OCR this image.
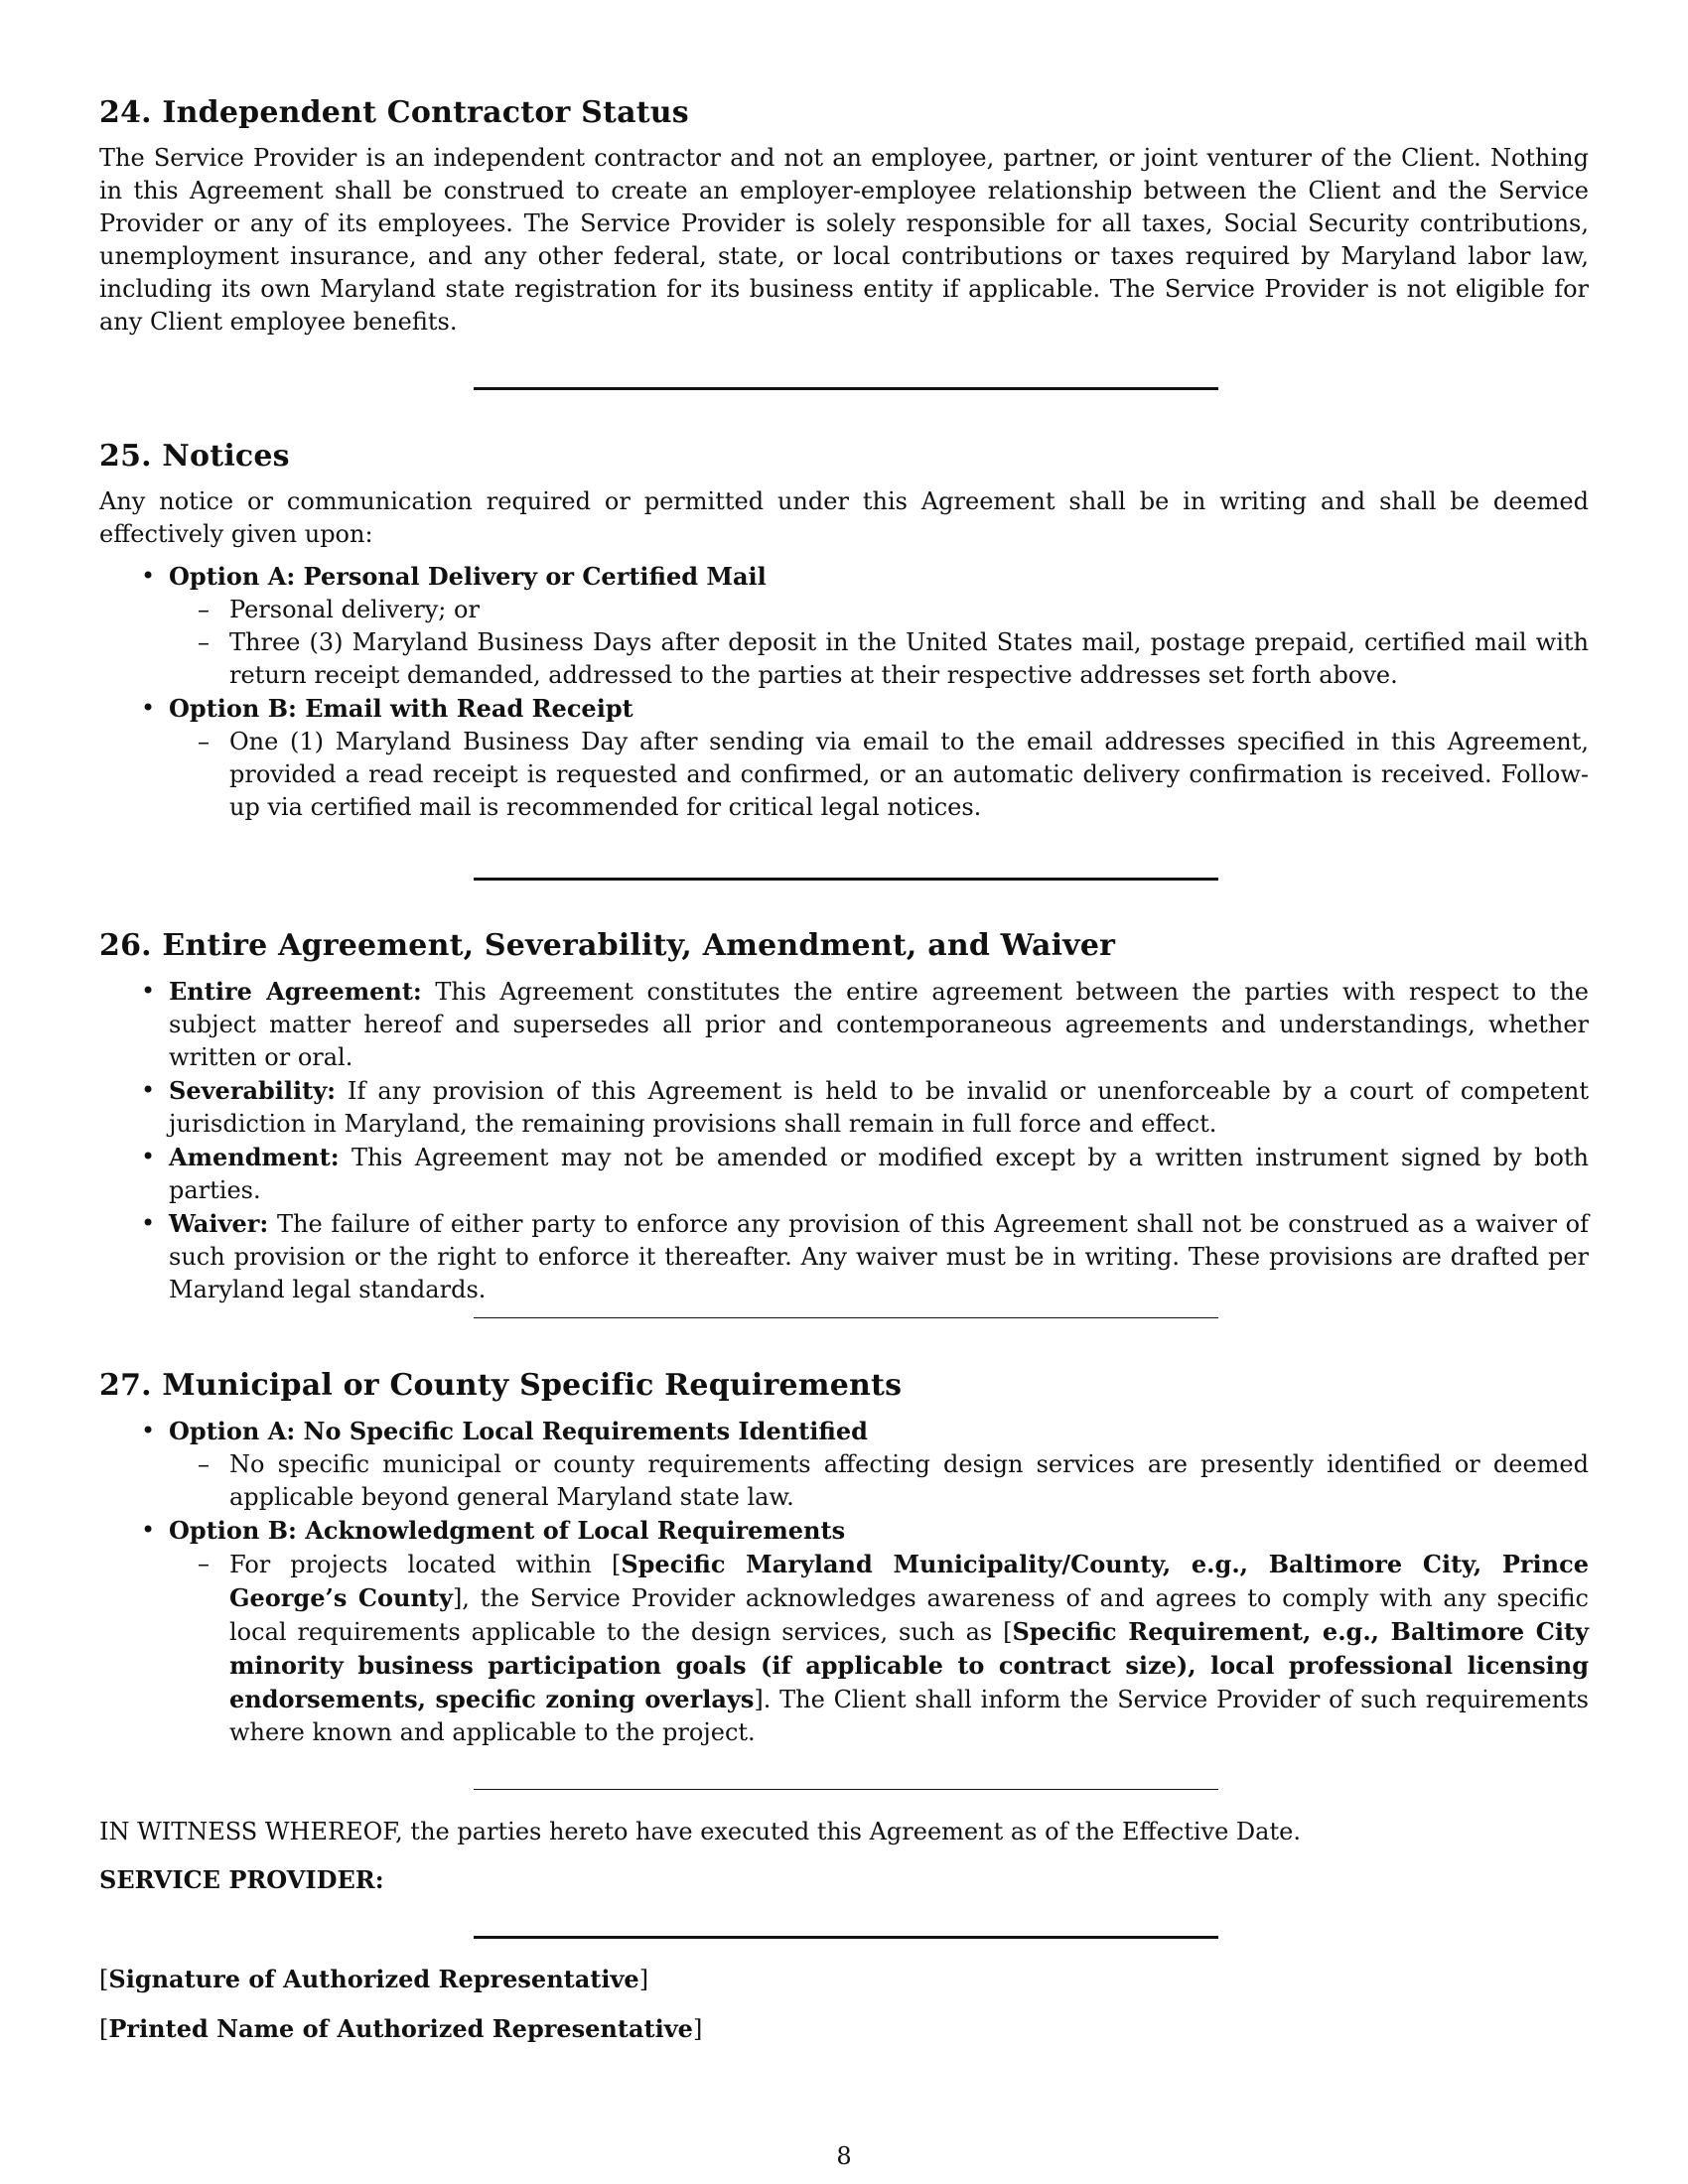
24. Independent Contractor Status

The Service Provider is an independent contractor and not an employee, partner, or joint venturer of the Client. Nothing in this Agreement shall be construed to create an employer-employee relationship between the Client and the Service Provider or any of its employees. The Service Provider is solely responsible for all taxes, Social Security contributions, unemployment insurance, and any other federal, state, or local contributions or taxes required by Maryland labor law, including its own Maryland state registration for its business entity if applicable. The Service Provider is not eligible for any Client employee benefits.

25. Notices

Any notice or communication required or permitted under this Agreement shall be in writing and shall be deemed effectively given upon:

• Option A: Personal Delivery or Certified Mail
– Personal delivery; or
– Three (3) Maryland Business Days after deposit in the United States mail, postage prepaid, certified mail with return receipt demanded, addressed to the parties at their respective addresses set forth above.
• Option B: Email with Read Receipt
– One (1) Maryland Business Day after sending via email to the email addresses specified in this Agreement, provided a read receipt is requested and confirmed, or an automatic delivery confirmation is received. Follow-up via certified mail is recommended for critical legal notices.
26. Entire Agreement, Severability, Amendment, and Waiver
• Entire Agreement: This Agreement constitutes the entire agreement between the parties with respect to the subject matter hereof and supersedes all prior and contemporaneous agreements and understandings, whether written or oral.
• Severability: If any provision of this Agreement is held to be invalid or unenforceable by a court of competent jurisdiction in Maryland, the remaining provisions shall remain in full force and effect.
• Amendment: This Agreement may not be amended or modified except by a written instrument signed by both parties.
• Waiver: The failure of either party to enforce any provision of this Agreement shall not be construed as a waiver of such provision or the right to enforce it thereafter. Any waiver must be in writing. These provisions are drafted per Maryland legal standards.
27. Municipal or County Specific Requirements
• Option A: No Specific Local Requirements Identified
– No specific municipal or county requirements affecting design services are presently identified or deemed applicable beyond general Maryland state law.
• Option B: Acknowledgment of Local Requirements
– For projects located within [Specific Maryland Municipality/County, e.g., Baltimore City, Prince George’s County], the Service Provider acknowledges awareness of and agrees to comply with any specific local requirements applicable to the design services, such as [Specific Requirement, e.g., Baltimore City minority business participation goals (if applicable to contract size), local professional licensing endorsements, specific zoning overlays]. The Client shall inform the Service Provider of such requirements where known and applicable to the project.
IN WITNESS WHEREOF, the parties hereto have executed this Agreement as of the Effective Date.
SERVICE PROVIDER:
[Signature of Authorized Representative]
[Printed Name of Authorized Representative]
8
